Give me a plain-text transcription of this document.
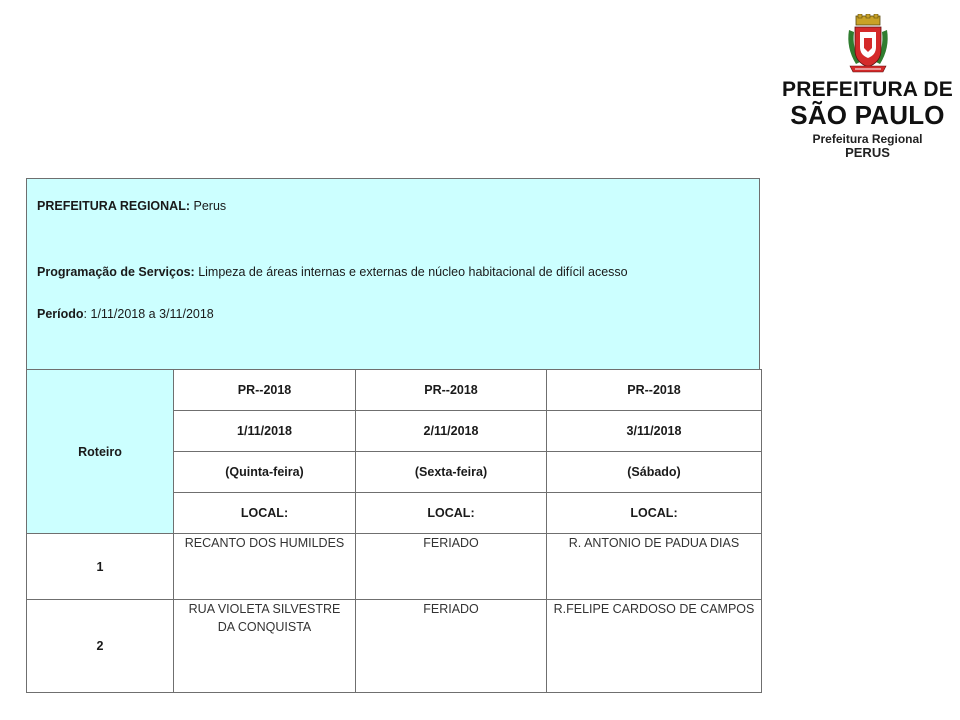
PREFEITURA DE
SÃO PAULO
Prefeitura Regional
PERUS
PREFEITURA REGIONAL: Perus
Programação de Serviços: Limpeza de áreas internas e externas de núcleo habitacional de difícil acesso
Período: 1/11/2018 a 3/11/2018
Roteiro	PR--2018	PR--2018	PR--2018
	1/11/2018	2/11/2018	3/11/2018
	(Quinta-feira)	(Sexta-feira)	(Sábado)
	LOCAL:	LOCAL:	LOCAL:
1	RECANTO DOS HUMILDES	FERIADO	R. ANTONIO DE PADUA DIAS
2	RUA VIOLETA SILVESTRE DA CONQUISTA	FERIADO	R.FELIPE CARDOSO DE CAMPOS
